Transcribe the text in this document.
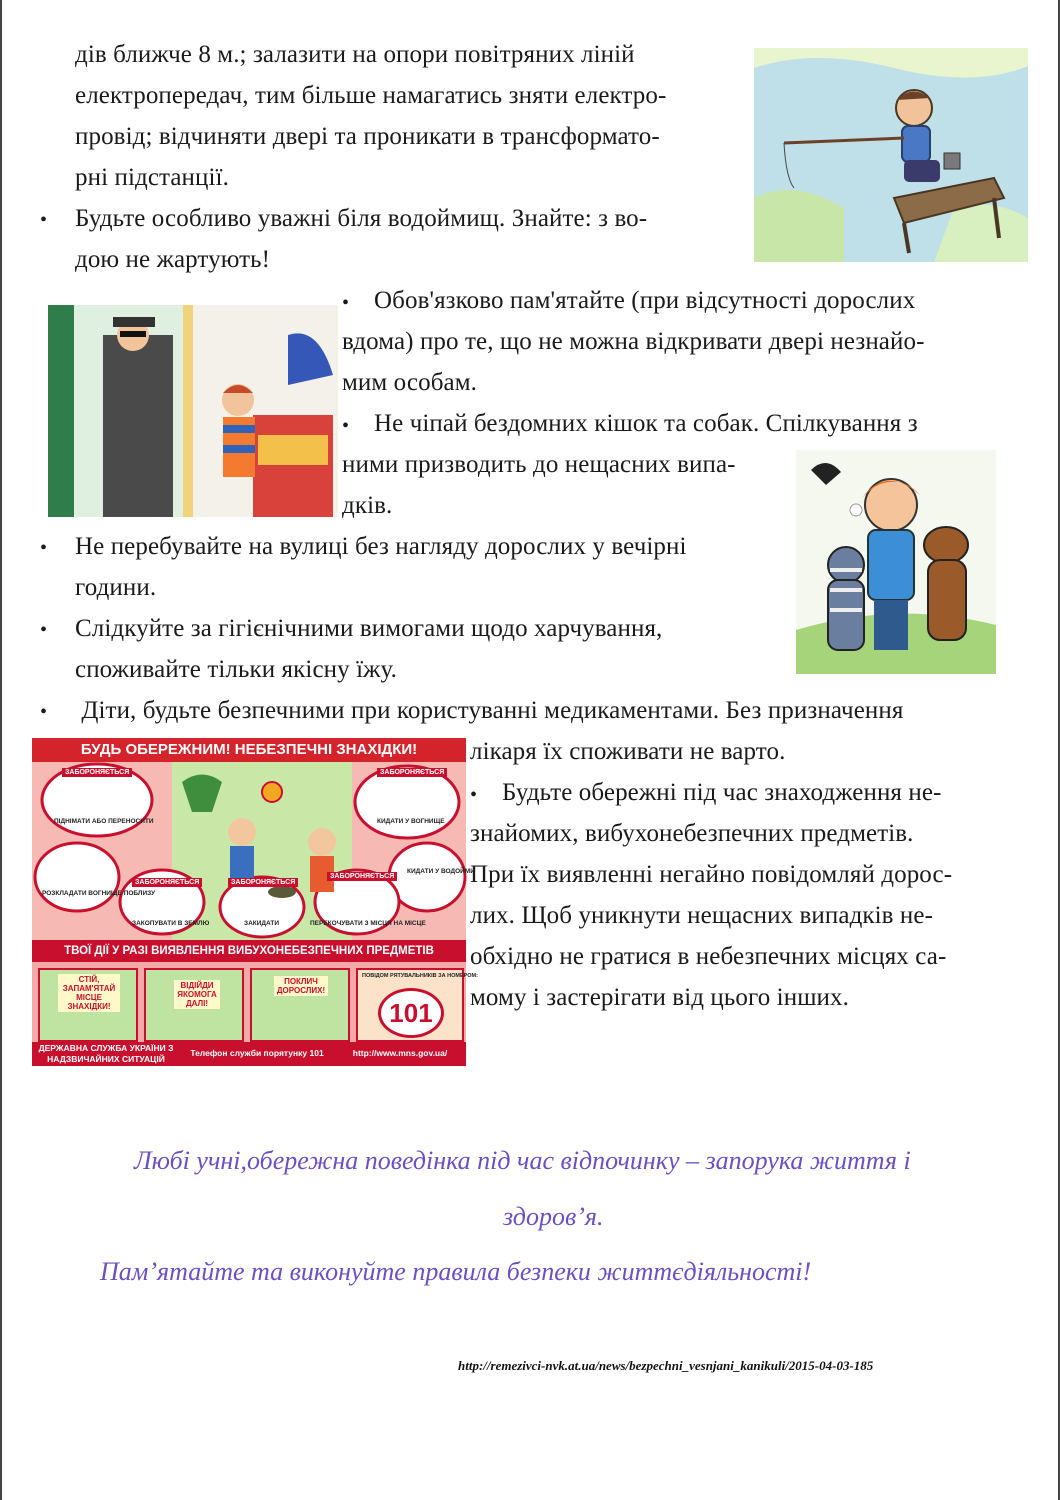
дів ближче 8 м.; залазити на опори повітряних ліній
електропередач, тим більше намагатись зняти електро-
провід; відчиняти двері та проникати в трансформато-
рні підстанції.
• Будьте особливо уважні біля водоймищ. Знайте: з во-
дою не жартують!
• Обов'язково пам'ятайте (при відсутності дорослих
вдома) про те, що не можна відкривати двері незнайо-
мим особам.
• Не чіпай бездомних кішок та собак. Спілкування з
ними призводить до нещасних випа-
дків.
• Не перебувайте на вулиці без нагляду дорослих у вечірні
години.
• Слідкуйте за гігієнічними вимогами щодо харчування,
споживайте тільки якісну їжу.
• Діти, будьте безпечними при користуванні медикаментами. Без призначення
лікаря їх споживати не варто.
• Будьте обережні під час знаходження не-
знайомих, вибухонебезпечних предметів.
При їх виявленні негайно повідомляй дорос-
лих. Щоб уникнути нещасних випадків не-
обхідно не гратися в небезпечних місцях са-
мому і застерігати від цього інших.
БУДЬ ОБЕРЕЖНИМ! НЕБЕЗПЕЧНІ ЗНАХІДКИ!
ЗАБОРОНЯЄТЬСЯ	ЗАБОРОНЯЄТЬСЯ
ЗАБОРОНЯЄТЬСЯ	ЗАБОРОНЯЄТЬСЯ
ЗАБОРОНЯЄТЬСЯ
ПІДНІМАТИ АБО ПЕРЕНОСИТИ	КИДАТИ У ВОГНИЩЕ
КИДАТИ У ВОДОЙМИ
РОЗКЛАДАТИ ВОГНИЩЕ ПОБЛИЗУ
ЗАКОПУВАТИ В ЗЕМЛЮ	ЗАКИДАТИ	ПЕРЕКОЧУВАТИ З МІСЦЯ НА МІСЦЕ
ТВОЇ ДІЇ У РАЗІ ВИЯВЛЕННЯ ВИБУХОНЕБЕЗПЕЧНИХ ПРЕДМЕТІВ
СТІЙ, ЗАПАМ'ЯТАЙ МІСЦЕ ЗНАХІДКИ!
ВІДІЙДИ ЯКОМОГА ДАЛІ!
ПОКЛИЧ ДОРОСЛИХ!
ПОВІДОМ РЯТУВАЛЬНИКІВ ЗА НОМЕРОМ:
101
ДЕРЖАВНА СЛУЖБА УКРАЇНИ З НАДЗВИЧАЙНИХ СИТУАЦІЙ
Телефон служби порятунку 101	http://www.mns.gov.ua/
Любі учні,обережна поведінка під час відпочинку – запорука життя і
здоров’я.
Пам’ятайте та виконуйте правила безпеки життєдіяльності!
http://remezivci-nvk.at.ua/news/bezpechni_vesnjani_kanikuli/2015-04-03-185
